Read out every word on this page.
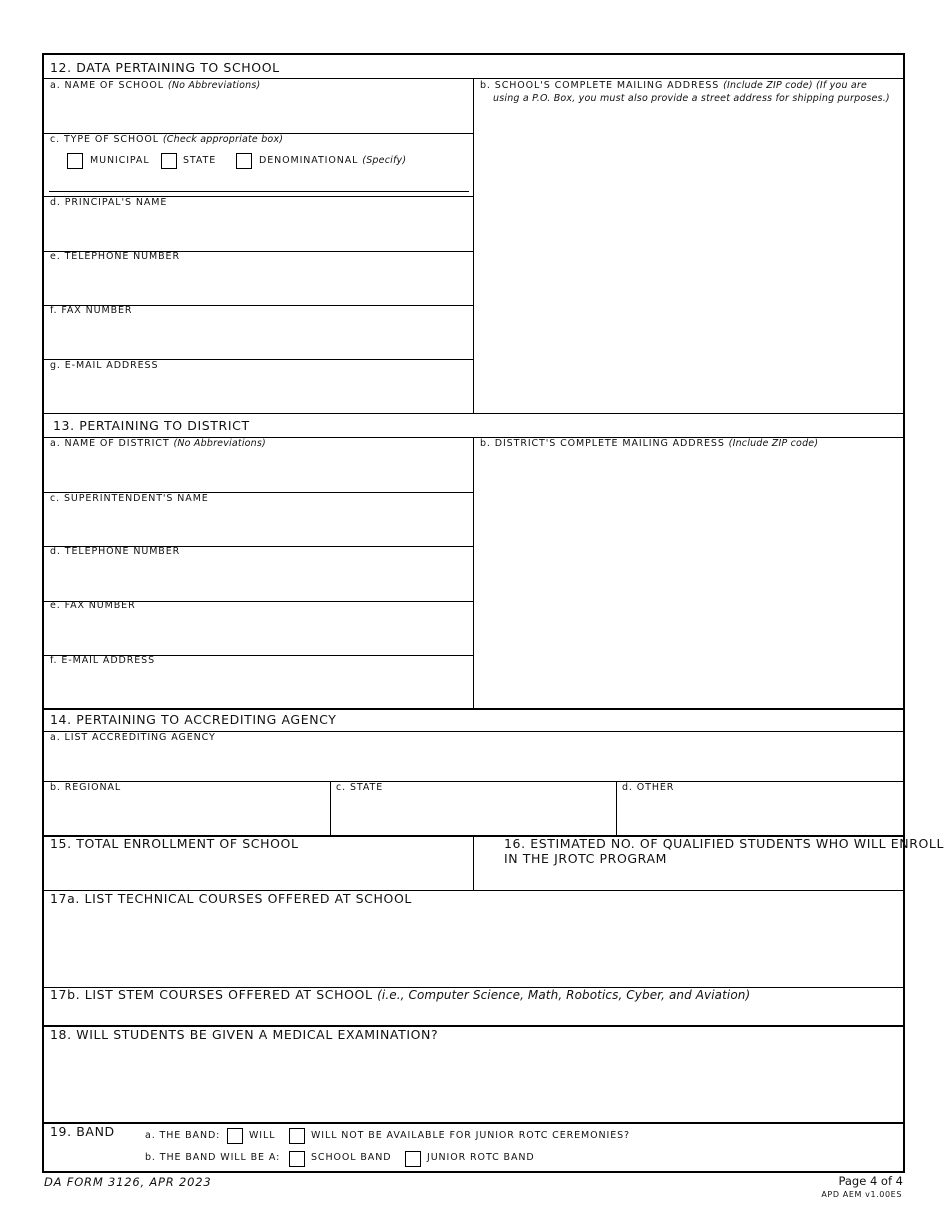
12. DATA PERTAINING TO SCHOOL
a. NAME OF SCHOOL (No Abbreviations)	b. SCHOOL'S COMPLETE MAILING ADDRESS (Include ZIP code) (If you are
using a P.O. Box, you must also provide a street address for shipping purposes.)
c. TYPE OF SCHOOL (Check appropriate box)
MUNICIPAL	STATE	DENOMINATIONAL (Specify)
d. PRINCIPAL'S NAME
e. TELEPHONE NUMBER
f. FAX NUMBER
g. E-MAIL ADDRESS
13. PERTAINING TO DISTRICT
a. NAME OF DISTRICT (No Abbreviations)	b. DISTRICT'S COMPLETE MAILING ADDRESS (Include ZIP code)
c. SUPERINTENDENT'S NAME
d. TELEPHONE NUMBER
e. FAX NUMBER
f. E-MAIL ADDRESS
14. PERTAINING TO ACCREDITING AGENCY
a. LIST ACCREDITING AGENCY
b. REGIONAL	c. STATE	d. OTHER
15. TOTAL ENROLLMENT OF SCHOOL	16. ESTIMATED NO. OF QUALIFIED STUDENTS WHO WILL ENROLL
IN THE JROTC PROGRAM
17a. LIST TECHNICAL COURSES OFFERED AT SCHOOL
17b. LIST STEM COURSES OFFERED AT SCHOOL (i.e., Computer Science, Math, Robotics, Cyber, and Aviation)
18. WILL STUDENTS BE GIVEN A MEDICAL EXAMINATION?
19. BAND	a. THE BAND:	WILL	WILL NOT BE AVAILABLE FOR JUNIOR ROTC CEREMONIES?
b. THE BAND WILL BE A:	SCHOOL BAND	JUNIOR ROTC BAND
DA FORM 3126, APR 2023	Page 4 of 4
APD AEM v1.00ES
